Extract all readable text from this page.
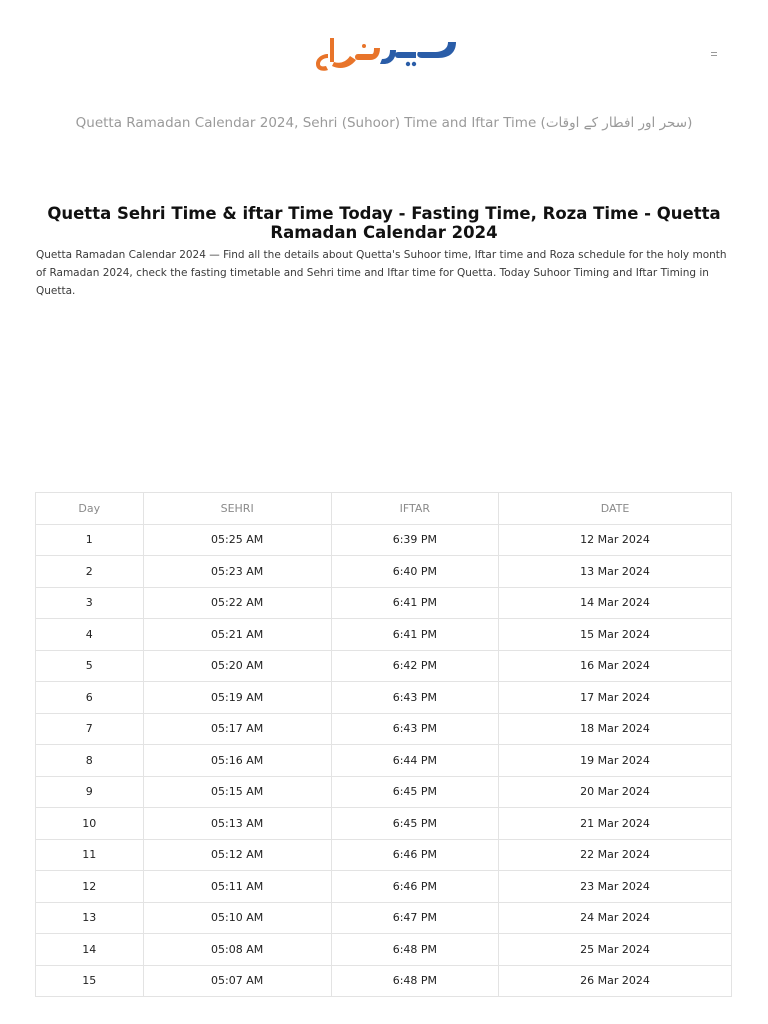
Quetta Ramadan Calendar 2024, Sehri (Suhoor) Time and Iftar Time (سحر اور افطار کے اوقات)
Quetta Sehri Time & iftar Time Today - Fasting Time, Roza Time - Quetta Ramadan Calendar 2024

Quetta Ramadan Calendar 2024 — Find all the details about Quetta's Suhoor time, Iftar time and Roza schedule for the holy month of Ramadan 2024, check the fasting timetable and Sehri time and Iftar time for Quetta. Today Suhoor Timing and Iftar Timing in Quetta.

Day	SEHRI	IFTAR	DATE
1	05:25 AM	6:39 PM	12 Mar 2024
2	05:23 AM	6:40 PM	13 Mar 2024
3	05:22 AM	6:41 PM	14 Mar 2024
4	05:21 AM	6:41 PM	15 Mar 2024
5	05:20 AM	6:42 PM	16 Mar 2024
6	05:19 AM	6:43 PM	17 Mar 2024
7	05:17 AM	6:43 PM	18 Mar 2024
8	05:16 AM	6:44 PM	19 Mar 2024
9	05:15 AM	6:45 PM	20 Mar 2024
10	05:13 AM	6:45 PM	21 Mar 2024
11	05:12 AM	6:46 PM	22 Mar 2024
12	05:11 AM	6:46 PM	23 Mar 2024
13	05:10 AM	6:47 PM	24 Mar 2024
14	05:08 AM	6:48 PM	25 Mar 2024
15	05:07 AM	6:48 PM	26 Mar 2024
